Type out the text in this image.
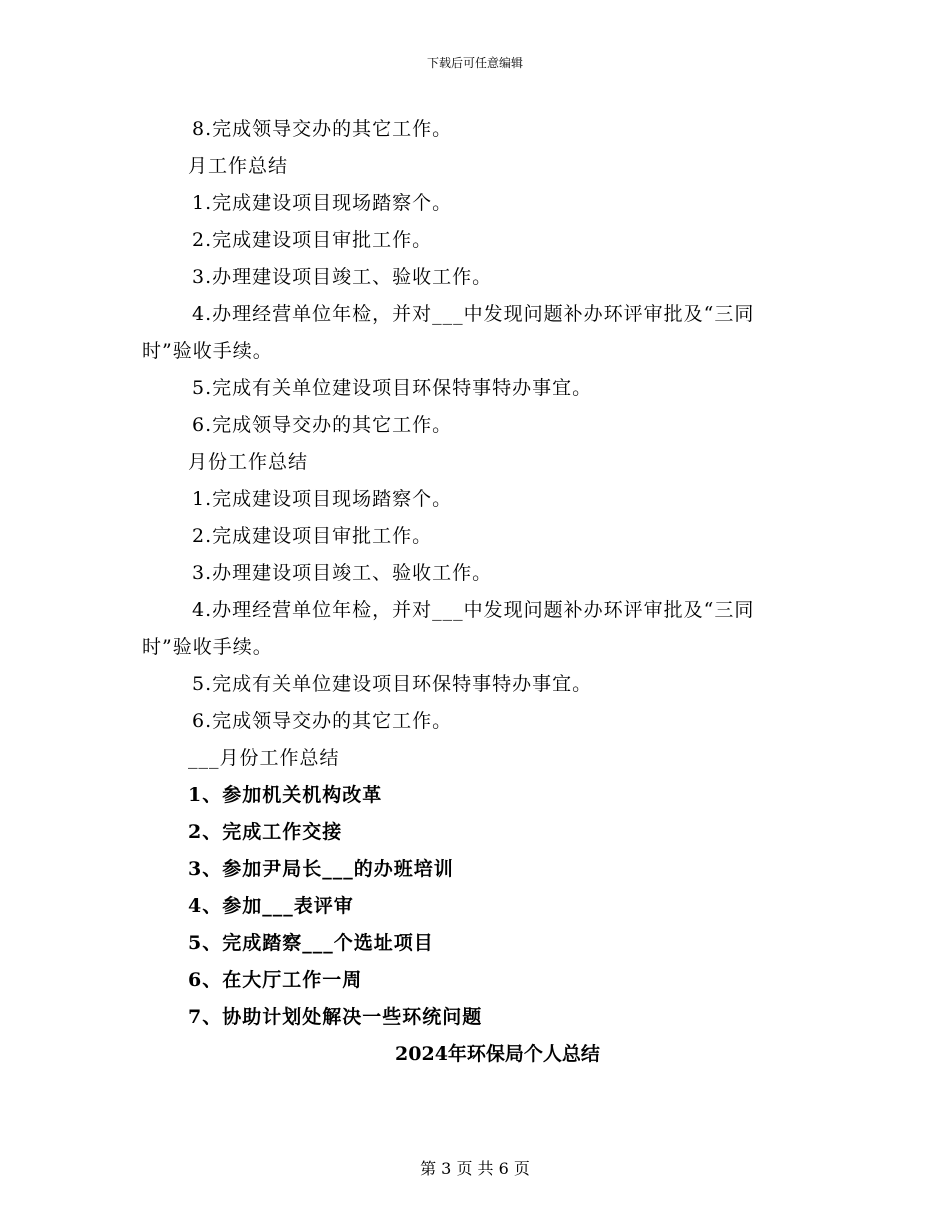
下载后可任意编辑
8.完成领导交办的其它工作。
月工作总结
1.完成建设项目现场踏察个。
2.完成建设项目审批工作。
3.办理建设项目竣工、验收工作。
4.办理经营单位年检，并对___中发现问题补办环评审批及“三同
时”验收手续。
5.完成有关单位建设项目环保特事特办事宜。
6.完成领导交办的其它工作。
月份工作总结
1.完成建设项目现场踏察个。
2.完成建设项目审批工作。
3.办理建设项目竣工、验收工作。
4.办理经营单位年检，并对___中发现问题补办环评审批及“三同
时”验收手续。
5.完成有关单位建设项目环保特事特办事宜。
6.完成领导交办的其它工作。
___月份工作总结
1、参加机关机构改革
2、完成工作交接
3、参加尹局长___的办班培训
4、参加___表评审
5、完成踏察___个选址项目
6、在大厅工作一周
7、协助计划处解决一些环统问题
2024年环保局个人总结
第 3 页 共 6 页
